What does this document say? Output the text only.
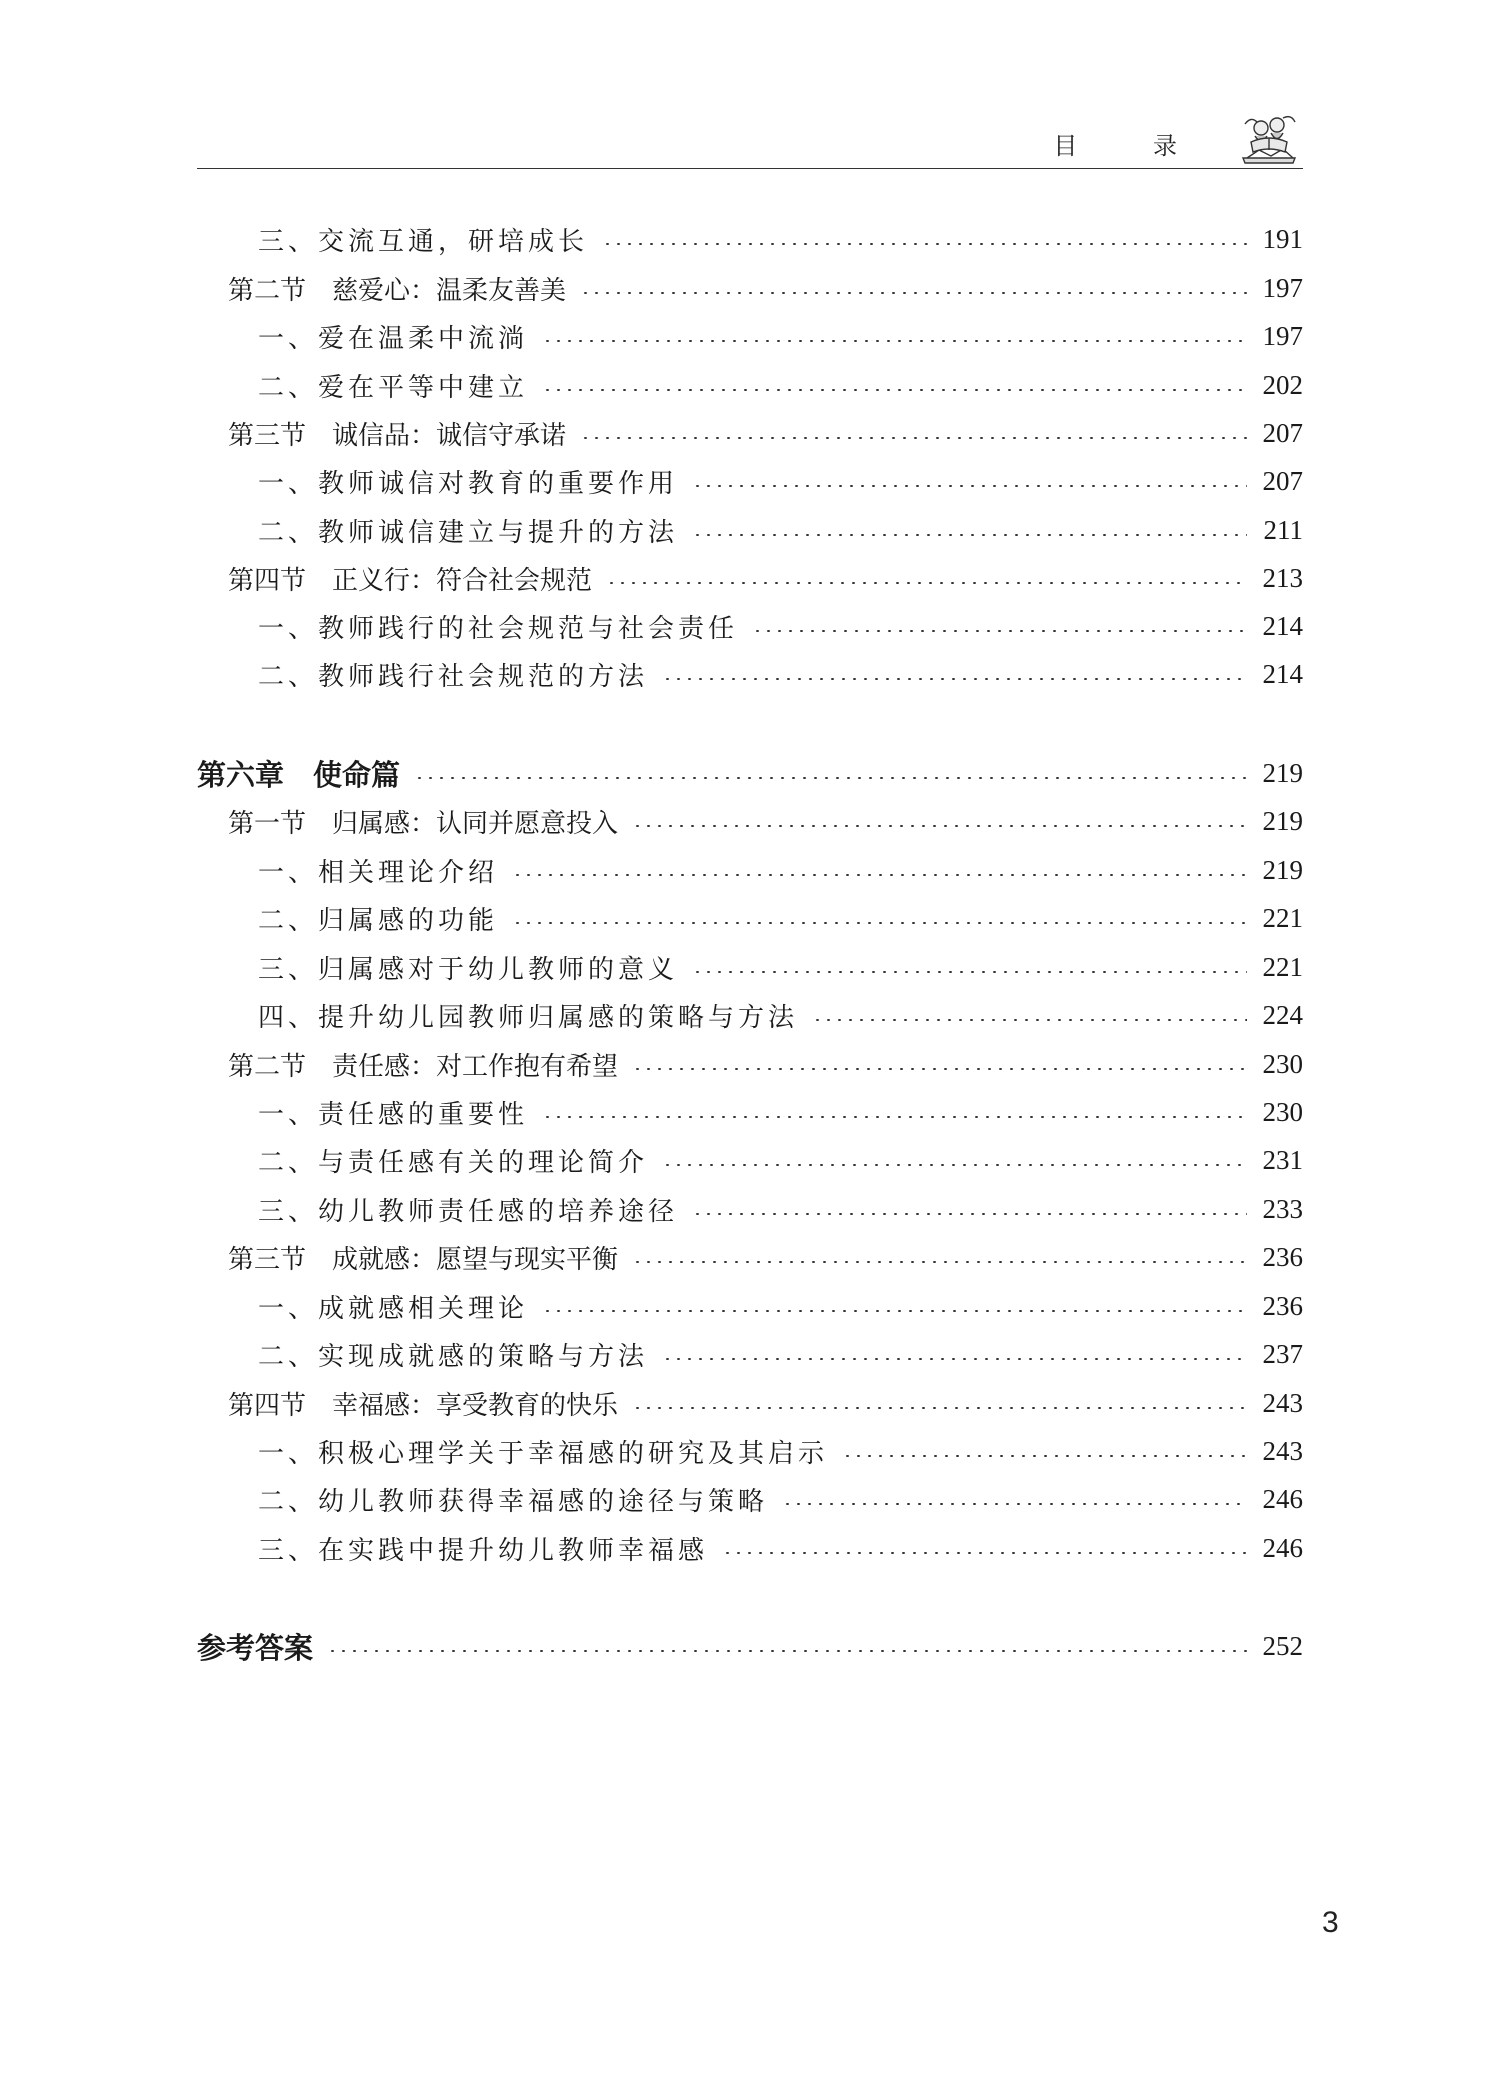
目 录
三、交流互通，研培成长	191
第二节　慈爱心：温柔友善美	197
一、爱在温柔中流淌	197
二、爱在平等中建立	202
第三节　诚信品：诚信守承诺	207
一、教师诚信对教育的重要作用	207
二、教师诚信建立与提升的方法	211
第四节　正义行：符合社会规范	213
一、教师践行的社会规范与社会责任	214
二、教师践行社会规范的方法	214
第六章　使命篇	219
第一节　归属感：认同并愿意投入	219
一、相关理论介绍	219
二、归属感的功能	221
三、归属感对于幼儿教师的意义	221
四、提升幼儿园教师归属感的策略与方法	224
第二节　责任感：对工作抱有希望	230
一、责任感的重要性	230
二、与责任感有关的理论简介	231
三、幼儿教师责任感的培养途径	233
第三节　成就感：愿望与现实平衡	236
一、成就感相关理论	236
二、实现成就感的策略与方法	237
第四节　幸福感：享受教育的快乐	243
一、积极心理学关于幸福感的研究及其启示	243
二、幼儿教师获得幸福感的途径与策略	246
三、在实践中提升幼儿教师幸福感	246
参考答案	252
3
